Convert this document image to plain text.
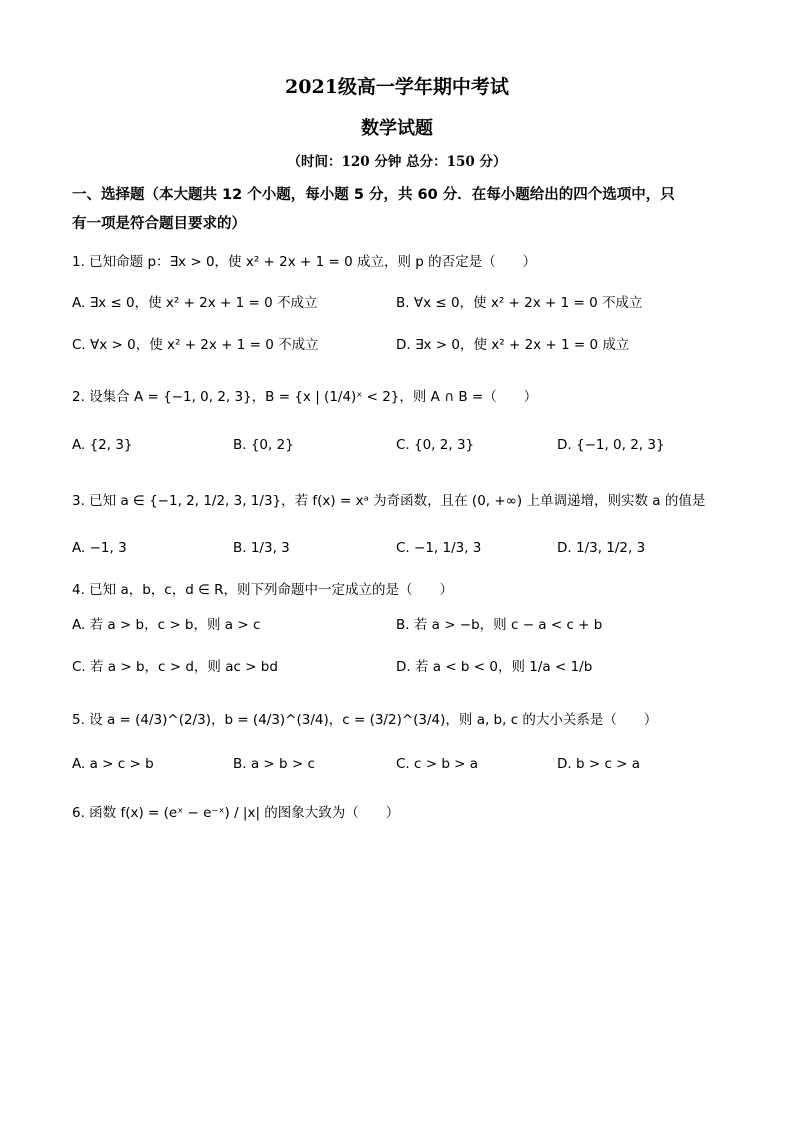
2021级高一学年期中考试
数学试题
（时间：120 分钟 总分：150 分）
一、选择题（本大题共 12 个小题，每小题 5 分，共 60 分．在每小题给出的四个选项中，只
有一项是符合题目要求的）
1. 已知命题 p：∃x > 0，使 x² + 2x + 1 = 0 成立，则 p 的否定是（　　）
A. ∃x ≤ 0，使 x² + 2x + 1 = 0 不成立	B. ∀x ≤ 0，使 x² + 2x + 1 = 0 不成立
C. ∀x > 0，使 x² + 2x + 1 = 0 不成立	D. ∃x > 0，使 x² + 2x + 1 = 0 成立
2. 设集合 A = {−1, 0, 2, 3}，B = {x | (1/4)ˣ < 2}，则 A ∩ B =（　　）
A. {2, 3}	B. {0, 2}	C. {0, 2, 3}	D. {−1, 0, 2, 3}
3. 已知 a ∈ {−1, 2, 1/2, 3, 1/3}，若 f(x) = xᵃ 为奇函数，且在 (0, +∞) 上单调递增，则实数 a 的值是
A. −1, 3	B. 1/3, 3	C. −1, 1/3, 3	D. 1/3, 1/2, 3
4. 已知 a，b，c，d ∈ R，则下列命题中一定成立的是（　　）
A. 若 a > b，c > b，则 a > c	B. 若 a > −b，则 c − a < c + b
C. 若 a > b，c > d，则 ac > bd	D. 若 a < b < 0，则 1/a < 1/b
5. 设 a = (4/3)^(2/3)，b = (4/3)^(3/4)，c = (3/2)^(3/4)，则 a, b, c 的大小关系是（　　）
A. a > c > b	B. a > b > c	C. c > b > a	D. b > c > a
6. 函数 f(x) = (eˣ − e⁻ˣ) / |x| 的图象大致为（　　）
